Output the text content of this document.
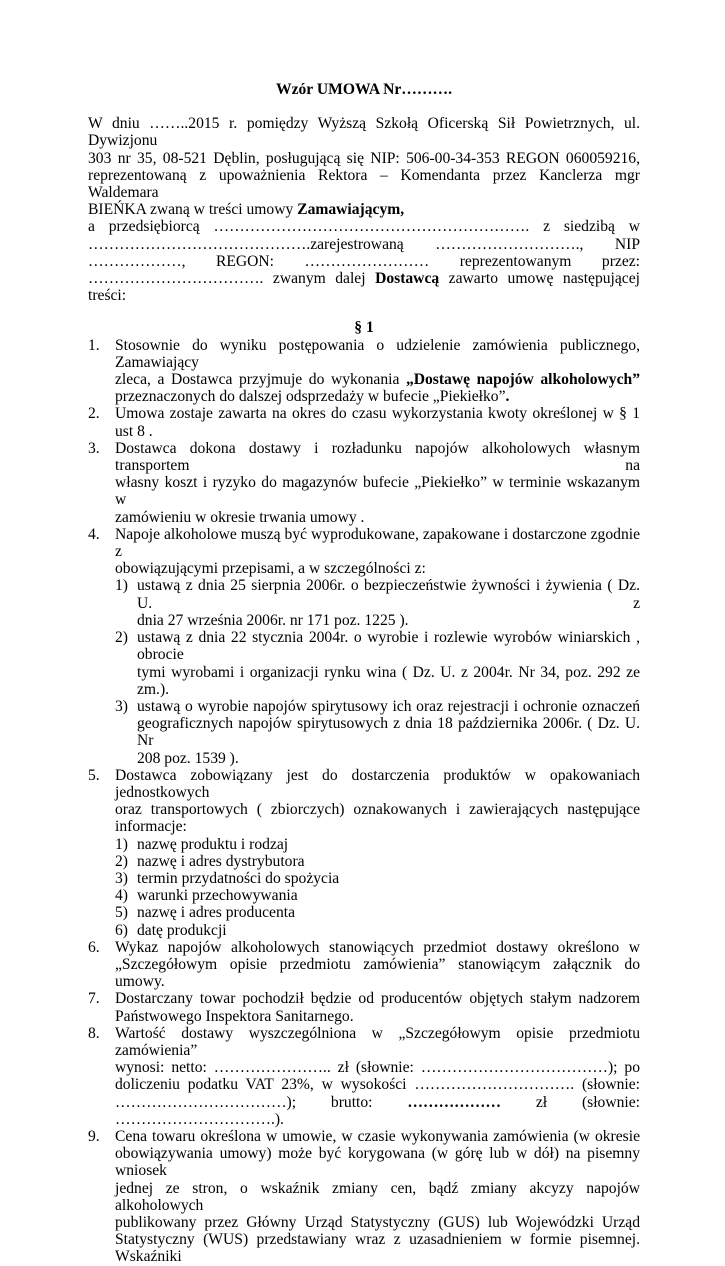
Wzór UMOWA Nr……….
W dniu ……..2015 r. pomiędzy Wyższą Szkołą Oficerską Sił Powietrznych, ul. Dywizjonu
303 nr 35, 08-521 Dęblin, posługującą się NIP: 506-00-34-353 REGON 060059216,
reprezentowaną z upoważnienia Rektora – Komendanta przez Kanclerza mgr Waldemara
BIEŃKA zwaną w treści umowy Zamawiającym,
a przedsiębiorcą ……………………………………………………. z siedzibą w
…………………………………….zarejestrowaną ………………………., NIP
………………, REGON: …………………… reprezentowanym przez:
……………………………. zwanym dalej Dostawcą zawarto umowę następującej treści:
§ 1
1. Stosownie do wyniku postępowania o udzielenie zamówienia publicznego, Zamawiający
zleca, a Dostawca przyjmuje do wykonania „Dostawę napojów alkoholowych”
przeznaczonych do dalszej odsprzedaży w bufecie „Piekiełko”.
2. Umowa zostaje zawarta na okres do czasu wykorzystania kwoty określonej w § 1 ust 8 .
3. Dostawca dokona dostawy i rozładunku napojów alkoholowych własnym transportem na
własny koszt i ryzyko do magazynów bufecie „Piekiełko” w terminie wskazanym w
zamówieniu w okresie trwania umowy .
4. Napoje alkoholowe muszą być wyprodukowane, zapakowane i dostarczone zgodnie z
obowiązującymi przepisami, a w szczególności z:
1) ustawą z dnia 25 sierpnia 2006r. o bezpieczeństwie żywności i żywienia ( Dz. U. z
dnia 27 września 2006r. nr 171 poz. 1225 ).
2) ustawą z dnia 22 stycznia 2004r. o wyrobie i rozlewie wyrobów winiarskich , obrocie
tymi wyrobami i organizacji rynku wina ( Dz. U. z 2004r. Nr 34, poz. 292 ze zm.).
3) ustawą o wyrobie napojów spirytusowy ich oraz rejestracji i ochronie oznaczeń
geograficznych napojów spirytusowych z dnia 18 października 2006r. ( Dz. U. Nr
208 poz. 1539 ).
5. Dostawca zobowiązany jest do dostarczenia produktów w opakowaniach jednostkowych
oraz transportowych ( zbiorczych) oznakowanych i zawierających następujące
informacje:
1) nazwę produktu i rodzaj
2) nazwę i adres dystrybutora
3) termin przydatności do spożycia
4) warunki przechowywania
5) nazwę i adres producenta
6) datę produkcji
6. Wykaz napojów alkoholowych stanowiących przedmiot dostawy określono w
„Szczegółowym opisie przedmiotu zamówienia” stanowiącym załącznik do umowy.
7. Dostarczany towar pochodził będzie od producentów objętych stałym nadzorem
Państwowego Inspektora Sanitarnego.
8. Wartość dostawy wyszczególniona w „Szczegółowym opisie przedmiotu zamówienia”
wynosi: netto: ………………….. zł (słownie: ………………………………); po
doliczeniu podatku VAT 23%, w wysokości …………………………. (słownie:
……………………………); brutto: ……………… zł (słownie:
………………………….).
9. Cena towaru określona w umowie, w czasie wykonywania zamówienia (w okresie
obowiązywania umowy) może być korygowana (w górę lub w dół) na pisemny wniosek
jednej ze stron, o wskaźnik zmiany cen, bądź zmiany akcyzy napojów alkoholowych
publikowany przez Główny Urząd Statystyczny (GUS) lub Wojewódzki Urząd
Statystyczny (WUS) przedstawiany wraz z uzasadnieniem w formie pisemnej. Wskaźniki
